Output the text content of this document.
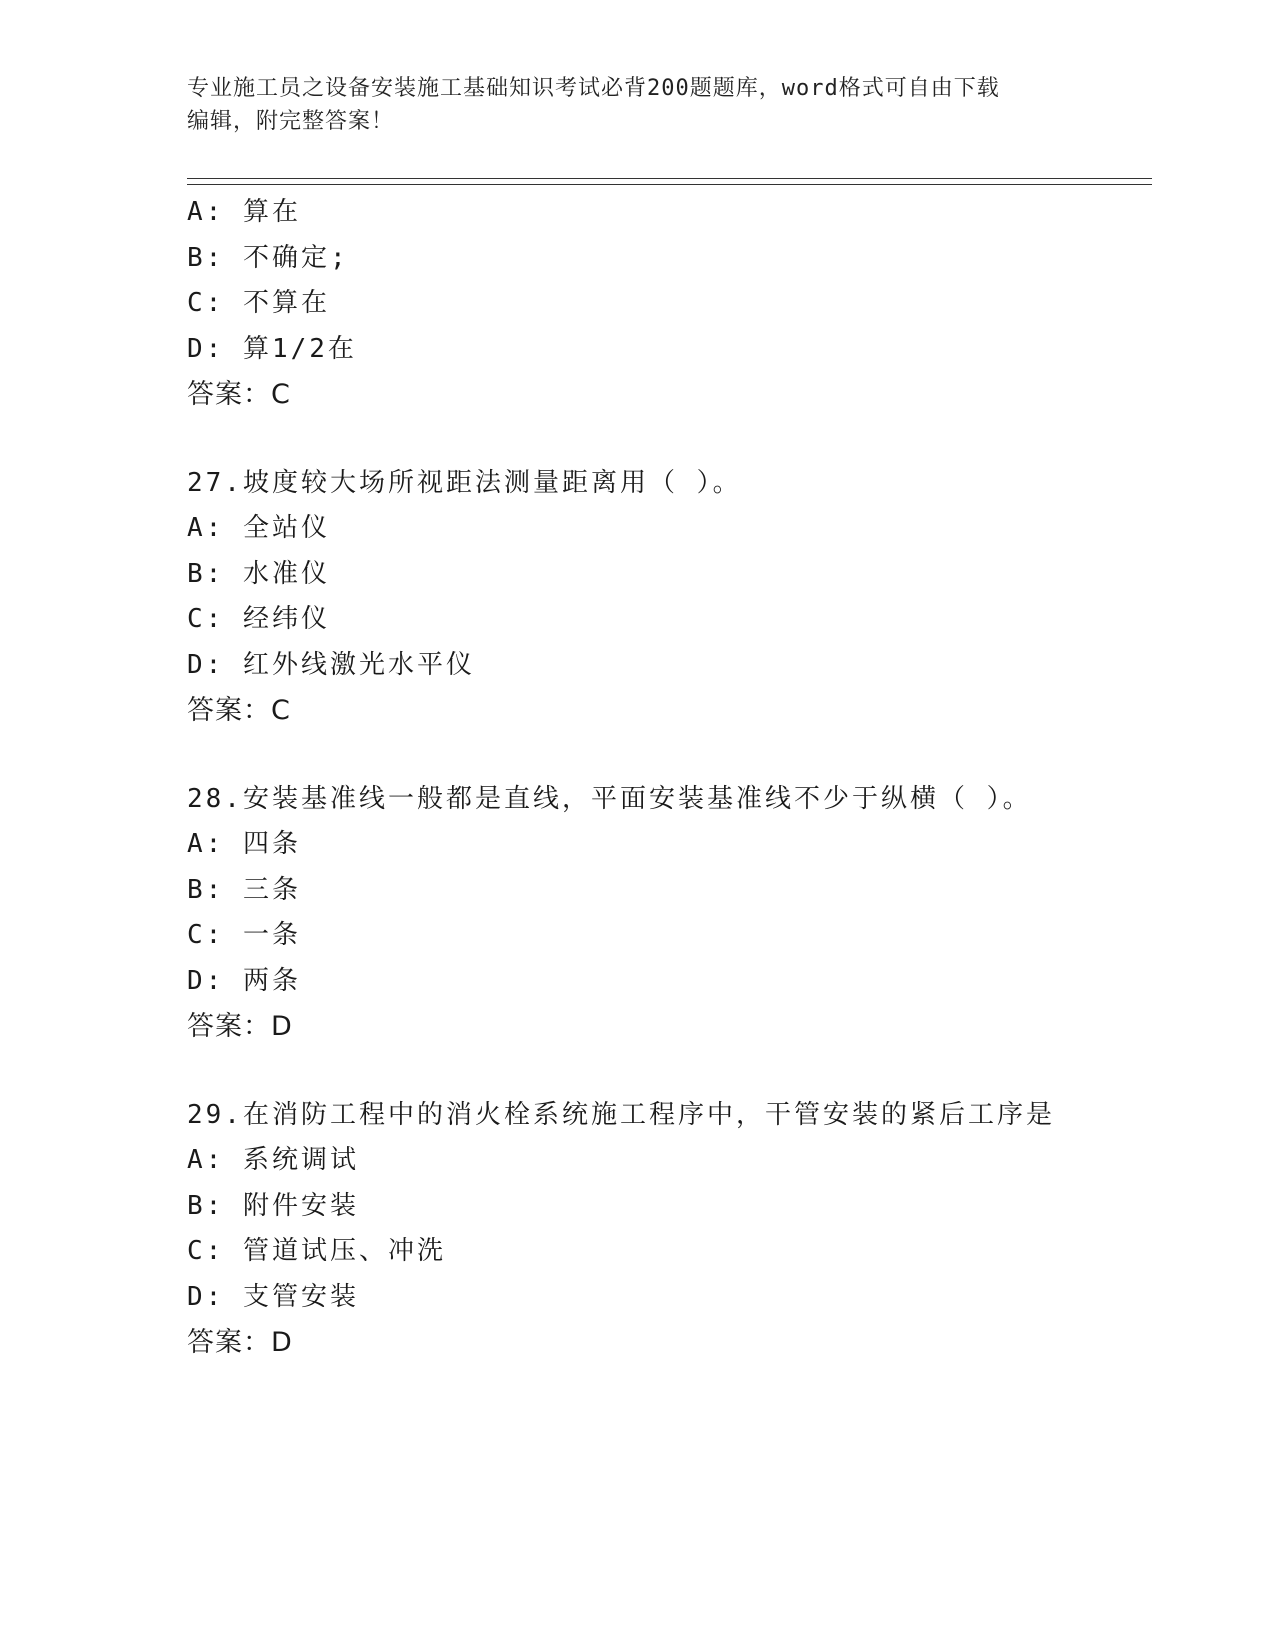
专业施工员之设备安装施工基础知识考试必背200题题库，word格式可自由下载
编辑，附完整答案！
A: 算在
B: 不确定;
C: 不算在
D: 算1/2在
答案：C
27.坡度较大场所视距法测量距离用（ ）。
A: 全站仪
B: 水准仪
C: 经纬仪
D: 红外线激光水平仪
答案：C
28.安装基准线一般都是直线，平面安装基准线不少于纵横（ ）。
A: 四条
B: 三条
C: 一条
D: 两条
答案：D
29.在消防工程中的消火栓系统施工程序中，干管安装的紧后工序是
A: 系统调试
B: 附件安装
C: 管道试压、冲洗
D: 支管安装
答案：D
